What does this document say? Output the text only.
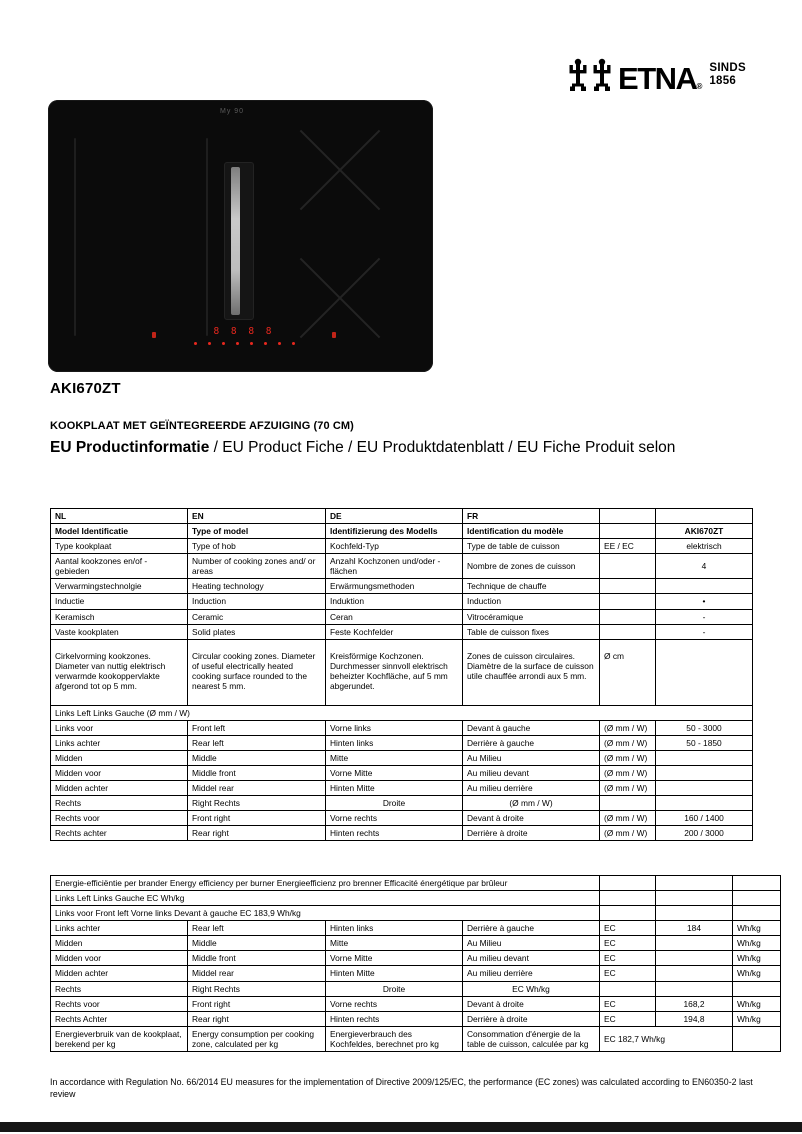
ETNA ®
SINDS
1856
My 90
8 8 8 8
AKI670ZT
KOOKPLAAT MET GEÏNTEGREERDE AFZUIGING (70 CM)
EU Productinformatie / EU Product Fiche / EU Produktdatenblatt / EU Fiche Produit selon
NL	EN	DE	FR		
Model Identificatie	Type of model	Identifizierung des Modells	Identification du modèle		AKI670ZT
Type kookplaat	Type of hob	Kochfeld-Typ	Type de table de cuisson	EE / EC	elektrisch
Aantal kookzones en/of - gebieden	Number of cooking zones and/ or areas	Anzahl Kochzonen und/oder -flächen	Nombre de zones de cuisson		4
Verwarmingstechnolgie	Heating technology	Erwärmungsmethoden	Technique de chauffe		
Inductie	Induction	Induktion	Induction		•
Keramisch	Ceramic	Ceran	Vitrocéramique		-
Vaste kookplaten	Solid plates	Feste Kochfelder	Table de cuisson fixes		-
Cirkelvorming kookzones. Diameter van nuttig elektrisch verwarmde kookoppervlakte afgerond tot op 5 mm.	Circular cooking zones. Diameter of useful electrically heated cooking surface rounded to the nearest 5 mm.	Kreisförmige Kochzonen. Durchmesser sinnvoll elektrisch beheizter Kochfläche, auf 5 mm abgerundet.	Zones de cuisson circulaires. Diamètre de la surface de cuisson utile chauffée arrondi aux 5 mm.	Ø cm	
Links Left Links Gauche (Ø mm / W)					
Links voor	Front left	Vorne links	Devant à gauche	(Ø mm / W)	50 - 3000
Links achter	Rear left	Hinten links	Derrière à gauche	(Ø mm / W)	50 - 1850
Midden	Middle	Mitte	Au Milieu	(Ø mm / W)	
Midden voor	Middle front	Vorne Mitte	Au milieu devant	(Ø mm / W)	
Midden achter	Middel rear	Hinten Mitte	Au milieu derrière	(Ø mm / W)	
Rechts	Right Rechts	Droite	(Ø mm / W)		
Rechts voor	Front right	Vorne rechts	Devant à droite	(Ø mm / W)	160 / 1400
Rechts achter	Rear right	Hinten rechts	Derrière à droite	(Ø mm / W)	200 / 3000
Energie-efficiëntie per brander Energy efficiency per burner Energieefficienz pro brenner Efficacité énergétique par brûleur						
Links Left Links Gauche EC Wh/kg						
Links voor Front left Vorne links Devant à gauche EC 183,9 Wh/kg						
Links achter	Rear left	Hinten links	Derrière à gauche	EC	184	Wh/kg
Midden	Middle	Mitte	Au Milieu	EC		Wh/kg
Midden voor	Middle front	Vorne Mitte	Au milieu devant	EC		Wh/kg
Midden achter	Middel rear	Hinten Mitte	Au milieu derrière	EC		Wh/kg
Rechts	Right Rechts	Droite	EC Wh/kg			
Rechts voor	Front right	Vorne rechts	Devant à droite	EC	168,2	Wh/kg
Rechts Achter	Rear right	Hinten rechts	Derrière à droite	EC	194,8	Wh/kg
Energieverbruik van de kookplaat, berekend per kg	Energy consumption per cooking zone, calculated per kg	Energieverbrauch des Kochfeldes, berechnet pro kg	Consommation d'énergie de la table de cuisson, calculée par kg	EC 182,7 Wh/kg		
In accordance with Regulation No. 66/2014 EU measures for the implementation of Directive 2009/125/EC, the performance (EC zones) was calculated according to EN60350-2 last review
